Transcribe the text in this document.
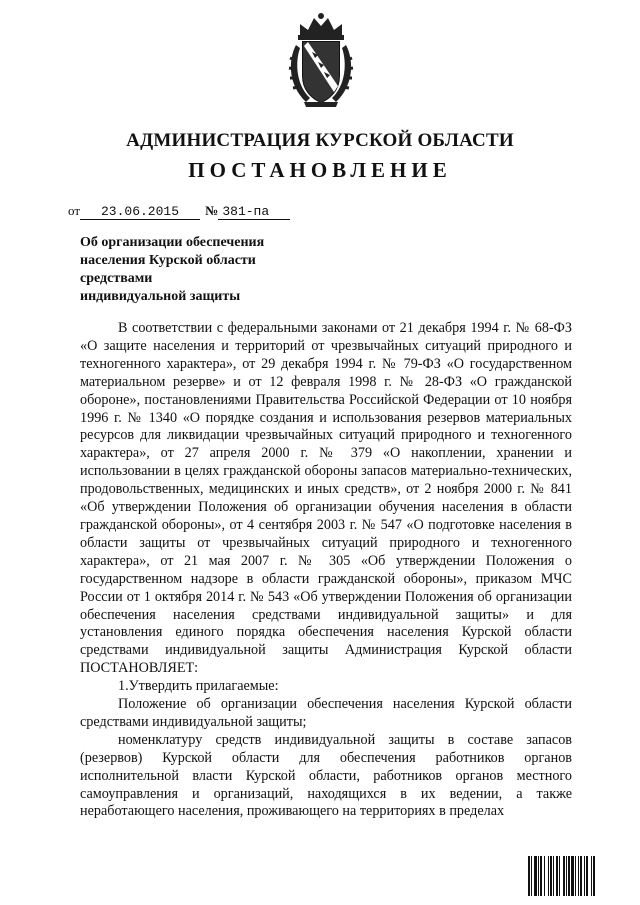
АДМИНИСТРАЦИЯ КУРСКОЙ ОБЛАСТИ
ПОСТАНОВЛЕНИЕ
от 23.06.2015 № 381-па
Об организации обеспечения
населения Курской области
средствами
индивидуальной защиты
В соответствии с федеральными законами от 21 декабря 1994 г. № 68-ФЗ «О защите населения и территорий от чрезвычайных ситуаций природного и техногенного характера», от 29 декабря 1994 г. № 79-ФЗ «О государственном материальном резерве» и от 12 февраля 1998 г. № 28-ФЗ «О гражданской обороне», постановлениями Правительства Российской Федерации от 10 ноября 1996 г. № 1340 «О порядке создания и использования резервов материальных ресурсов для ликвидации чрезвычайных ситуаций природного и техногенного характера», от 27 апреля 2000 г. № 379 «О накоплении, хранении и использовании в целях гражданской обороны запасов материально-технических, продовольственных, медицинских и иных средств», от 2 ноября 2000 г. № 841 «Об утверждении Положения об организации обучения населения в области гражданской обороны», от 4 сентября 2003 г. № 547 «О подготовке населения в области защиты от чрезвычайных ситуаций природного и техногенного характера», от 21 мая 2007 г. № 305 «Об утверждении Положения о государственном надзоре в области гражданской обороны», приказом МЧС России от 1 октября 2014 г. № 543 «Об утверждении Положения об организации обеспечения населения средствами индивидуальной защиты» и для установления единого порядка обеспечения населения Курской области средствами индивидуальной защиты Администрация Курской области ПОСТАНОВЛЯЕТ:
1.Утвердить прилагаемые:
Положение об организации обеспечения населения Курской области средствами индивидуальной защиты;
номенклатуру средств индивидуальной защиты в составе запасов (резервов) Курской области для обеспечения работников органов исполнительной власти Курской области, работников органов местного самоуправления и организаций, находящихся в их ведении, а также неработающего населения, проживающего на территориях в пределах
